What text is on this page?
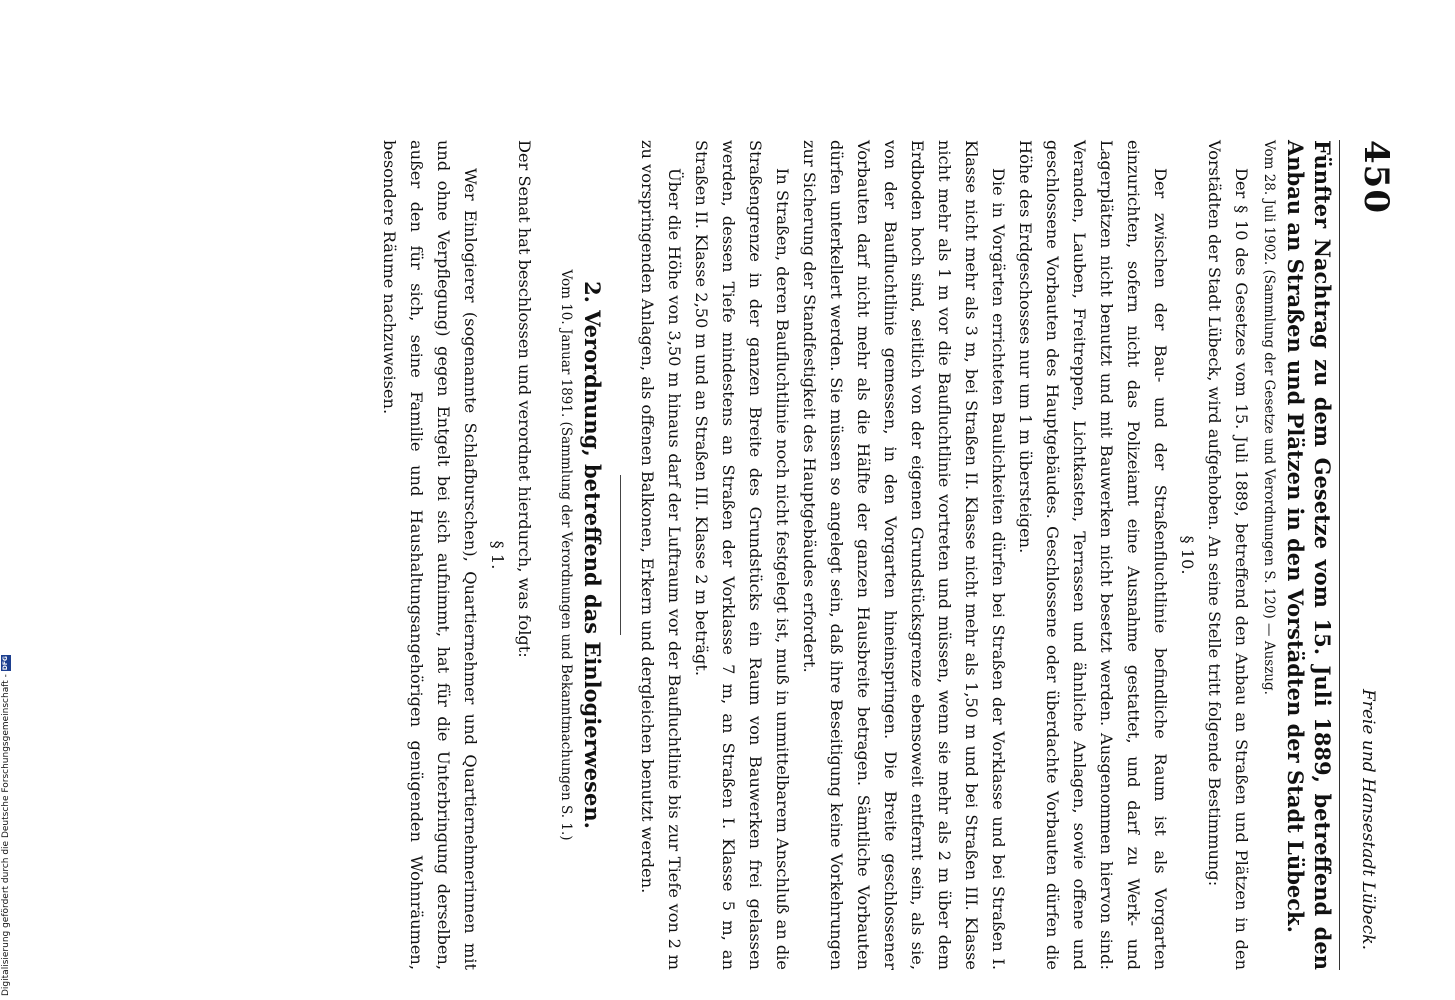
450
Freie und Hansestadt Lübeck.

Fünfter Nachtrag zu dem Gesetze vom 15. Juli 1889, betreffend den Anbau an Straßen und Plätzen in den Vorstädten der Stadt Lübeck.

Vom 28. Juli 1902. (Sammlung der Gesetze und Verordnungen S. 120) — Auszug.

Der § 10 des Gesetzes vom 15. Juli 1889, betreffend den Anbau an Straßen und Plätzen in den Vorstädten der Stadt Lübeck, wird aufgehoben. An seine Stelle tritt folgende Bestimmung:

§ 10.

Der zwischen der Bau- und der Straßenfluchtlinie befindliche Raum ist als Vorgarten einzurichten, sofern nicht das Polizeiamt eine Ausnahme gestattet, und darf zu Werk- und Lagerplätzen nicht benutzt und mit Bauwerken nicht besetzt werden. Ausgenommen hiervon sind: Veranden, Lauben, Freitreppen, Lichtkasten, Terrassen und ähnliche Anlagen, sowie offene und geschlossene Vorbauten des Hauptgebäudes. Geschlossene oder überdachte Vorbauten dürfen die Höhe des Erdgeschosses nur um 1 m übersteigen.

Die in Vorgärten errichteten Baulichkeiten dürfen bei Straßen der Vorklasse und bei Straßen I. Klasse nicht mehr als 3 m, bei Straßen II. Klasse nicht mehr als 1,50 m und bei Straßen III. Klasse nicht mehr als 1 m vor die Baufluchtlinie vortreten und müssen, wenn sie mehr als 2 m über dem Erdboden hoch sind, seitlich von der eigenen Grundstücksgrenze ebensoweit entfernt sein, als sie, von der Baufluchtlinie gemessen, in den Vorgarten hineinspringen. Die Breite geschlossener Vorbauten darf nicht mehr als die Hälfte der ganzen Hausbreite betragen. Sämtliche Vorbauten dürfen unterkellert werden. Sie müssen so angelegt sein, daß ihre Beseitigung keine Vorkehrungen zur Sicherung der Standfestigkeit des Hauptgebäudes erfordert.

In Straßen, deren Baufluchtlinie noch nicht festgelegt ist, muß in unmittelbarem Anschluß an die Straßengrenze in der ganzen Breite des Grundstücks ein Raum von Bauwerken frei gelassen werden, dessen Tiefe mindestens an Straßen der Vorklasse 7 m, an Straßen I. Klasse 5 m, an Straßen II. Klasse 2,50 m und an Straßen III. Klasse 2 m beträgt.

Über die Höhe von 3,50 m hinaus darf der Luftraum vor der Baufluchtlinie bis zur Tiefe von 2 m zu vorspringenden Anlagen, als offenen Balkonen, Erkern und dergleichen benutzt werden.

2. Verordnung, betreffend das Einlogierwesen.

Vom 10. Januar 1891. (Sammlung der Verordnungen und Bekanntmachungen S. 1.)

Der Senat hat beschlossen und verordnet hierdurch, was folgt:

§ 1.

Wer Einlogierer (sogenannte Schlafburschen), Quartiernehmer und Quartiernehmerinnen mit und ohne Verpflegung) gegen Entgelt bei sich aufnimmt, hat für die Unterbringung derselben, außer den für sich, seine Familie und Haushaltungsangehörigen genügenden Wohnräumen, besondere Räume nachzuweisen.

Digitalisierung gefördert durch die Deutsche Forschungsgemeinschaft -
DFG
